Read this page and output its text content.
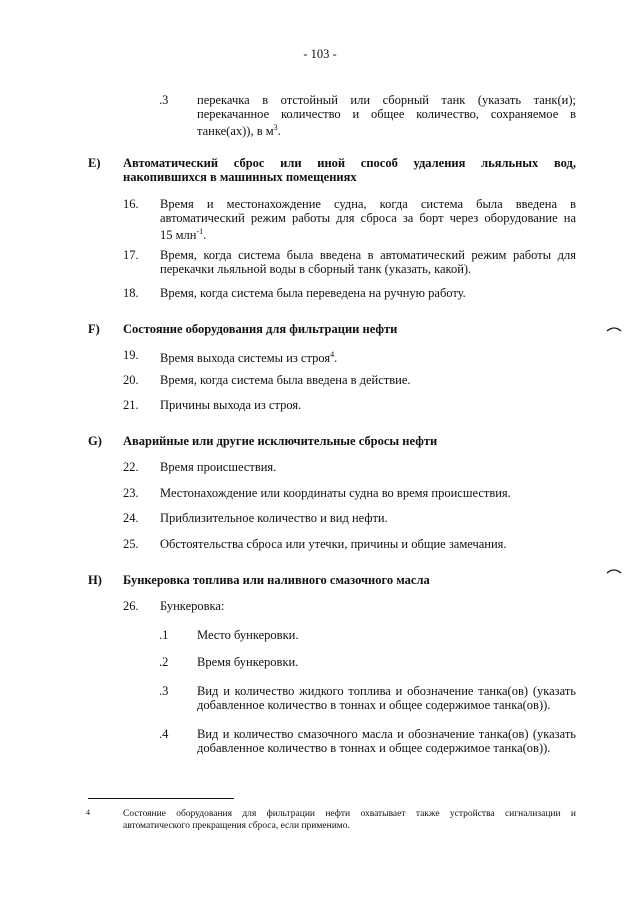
- 103 -
.3 перекачка в отстойный или сборный танк (указать танк(и);
перекачанное количество и общее количество, сохраняемое в
танке(ах)), в $м^3$.
E) Автоматический сброс или иной способ удаления льяльных вод,
накопившихся в машинных помещениях
16. Время и местонахождение судна, когда система была введена в
автоматический режим работы для сброса за борт через оборудование на
15 млн$^{-1}$.
17. Время, когда система была введена в автоматический режим работы для
перекачки льяльной воды в сборный танк (указать, какой).
18. Время, когда система была переведена на ручную работу.
F) Состояние оборудования для фильтрации нефти
19. Время выхода системы из строя$^4$.
20. Время, когда система была введена в действие.
21. Причины выхода из строя.
G) Аварийные или другие исключительные сбросы нефти
22. Время происшествия.
23. Местонахождение или координаты судна во время происшествия.
24. Приблизительное количество и вид нефти.
25. Обстоятельства сброса или утечки, причины и общие замечания.
H) Бункеровка топлива или наливного смазочного масла
26. Бункеровка:
.1 Место бункеровки.
.2 Время бункеровки.
.3 Вид и количество жидкого топлива и обозначение танка(ов) (указать
добавленное количество в тоннах и общее содержимое танка(ов)).
.4 Вид и количество смазочного масла и обозначение танка(ов) (указать
добавленное количество в тоннах и общее содержимое танка(ов)).
4	Состояние оборудования для фильтрации нефти охватывает также устройства сигнализации и
автоматического прекращения сброса, если применимо.
